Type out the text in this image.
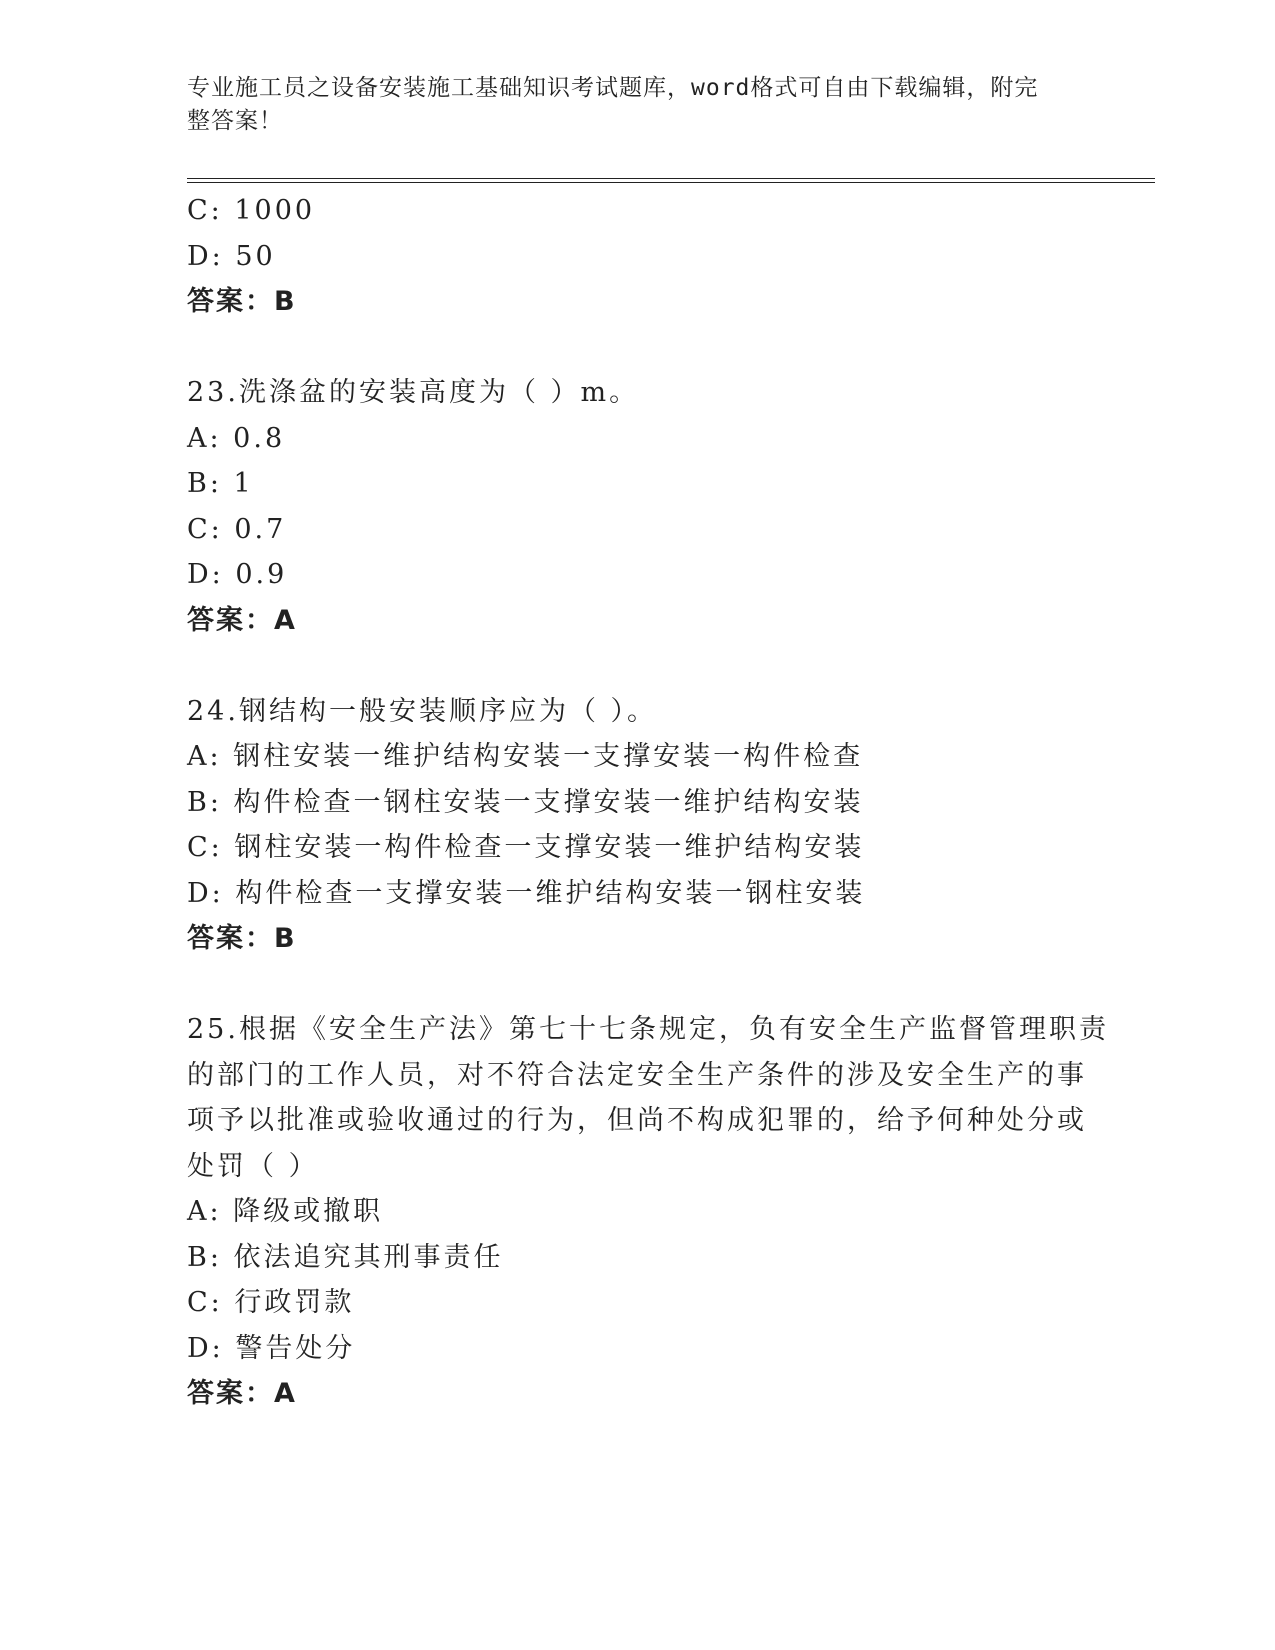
专业施工员之设备安装施工基础知识考试题库，word格式可自由下载编辑，附完
整答案！
C: 1000
D: 50
答案：B
23.洗涤盆的安装高度为（ ）m。
A: 0.8
B: 1
C: 0.7
D: 0.9
答案：A
24.钢结构一般安装顺序应为（ ）。
A: 钢柱安装一维护结构安装一支撑安装一构件检查
B: 构件检查一钢柱安装一支撑安装一维护结构安装
C: 钢柱安装一构件检查一支撑安装一维护结构安装
D: 构件检查一支撑安装一维护结构安装一钢柱安装
答案：B
25.根据《安全生产法》第七十七条规定，负有安全生产监督管理职责
的部门的工作人员，对不符合法定安全生产条件的涉及安全生产的事
项予以批准或验收通过的行为，但尚不构成犯罪的，给予何种处分或
处罚（ ）
A: 降级或撤职
B: 依法追究其刑事责任
C: 行政罚款
D: 警告处分
答案：A
